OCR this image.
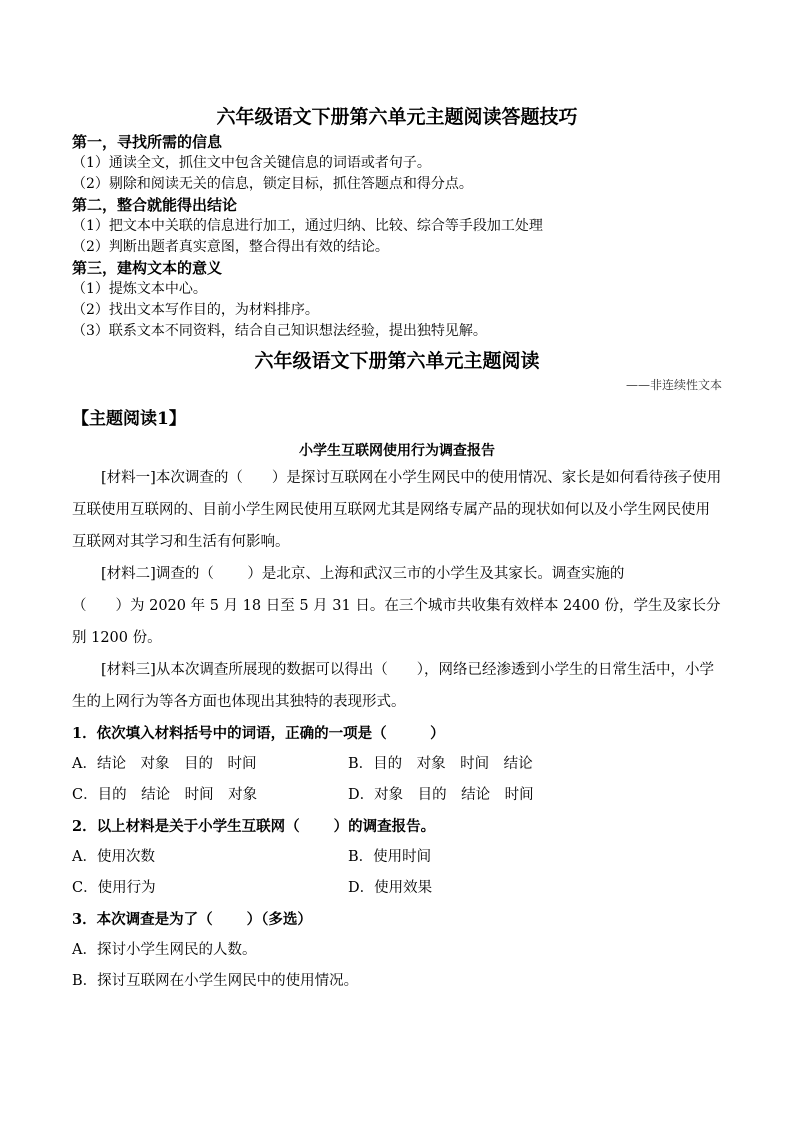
六年级语文下册第六单元主题阅读答题技巧
第一，寻找所需的信息
（1）通读全文，抓住文中包含关键信息的词语或者句子。
（2）剔除和阅读无关的信息，锁定目标，抓住答题点和得分点。
第二，整合就能得出结论
（1）把文本中关联的信息进行加工，通过归纳、比较、综合等手段加工处理
（2）判断出题者真实意图，整合得出有效的结论。
第三，建构文本的意义
（1）提炼文本中心。
（2）找出文本写作目的，为材料排序。
（3）联系文本不同资料，结合自己知识想法经验，提出独特见解。
六年级语文下册第六单元主题阅读
——非连续性文本
【主题阅读1】
小学生互联网使用行为调查报告

[材料一]本次调查的（　　）是探讨互联网在小学生网民中的使用情况、家长是如何看待孩子使用互联使用互联网的、目前小学生网民使用互联网尤其是网络专属产品的现状如何以及小学生网民使用互联网对其学习和生活有何影响。

[材料二]调查的（　　 ）是北京、上海和武汉三市的小学生及其家长。调查实施的

（　　）为 2020 年 5 月 18 日至 5 月 31 日。在三个城市共收集有效样本 2400 份，学生及家长分别 1200 份。

[材料三]从本次调查所展现的数据可以得出（　　），网络已经渗透到小学生的日常生活中，小学生的上网行为等各方面也体现出其独特的表现形式。

1．依次填入材料括号中的词语，正确的一项是（　　　）
A．结论　对象　目的　时间	B．目的　对象　时间　结论
C．目的　结论　时间　对象	D．对象　目的　结论　时间
2．以上材料是关于小学生互联网（　　 ）的调查报告。
A．使用次数	B．使用时间
C．使用行为	D．使用效果
3．本次调查是为了（　　 ）（多选）
A．探讨小学生网民的人数。
B．探讨互联网在小学生网民中的使用情况。
